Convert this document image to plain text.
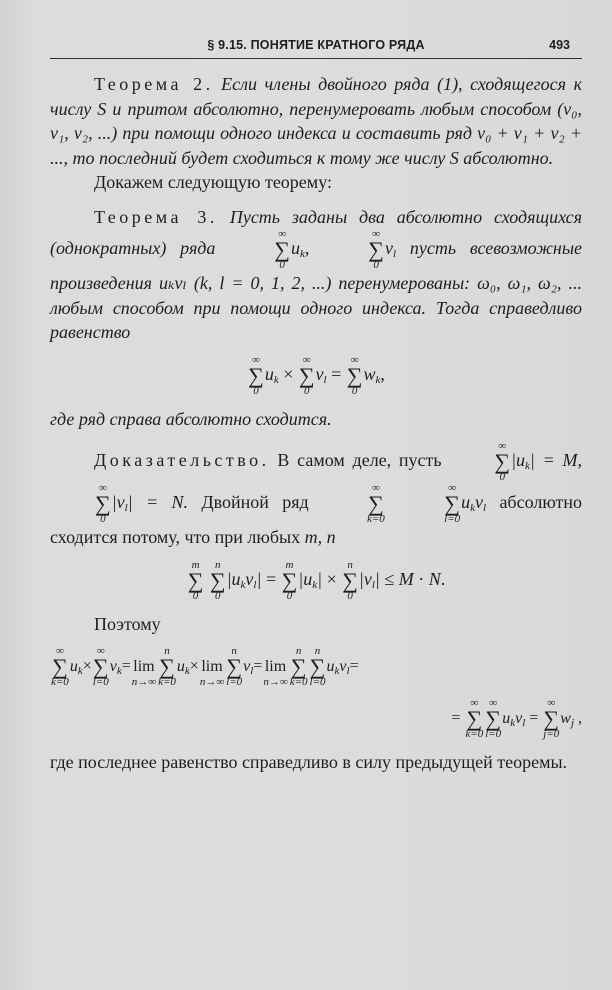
§ 9.15. ПОНЯТИЕ КРАТНОГО РЯДА	493

Теорема 2. Если члены двойного ряда (1), сходящегося к числу S и притом абсолютно, перенумеровать любым способом (v₀, v₁, v₂, ...) при помощи одного индекса и составить ряд v₀ + v₁ + v₂ + ..., то последний будет сходиться к тому же числу S абсолютно.

Докажем следующую теорему:

Теорема 3. Пусть заданы два абсолютно сходящихся (однократных) ряда
∞
∑
0
$u_k$,
∞
∑
0
$v_l$ пусть всевозможные произведения uₖvₗ (k, l = 0, 1, 2, ...) перенумерованы: ω₀, ω₁, ω₂, ... любым способом при помощи одного индекса. Тогда справедливо равенство

∞
∑
0
$u_k$ ×
∞
∑
0
$v_l$ =
∞
∑
0
$w_k$,

где ряд справа абсолютно сходится.

Доказательство. В самом деле, пусть
∞
∑
0
$|u_k| = M$,
∞
∑
0
$|v_l| = N$. Двойной ряд
∞
∑
k=0

∞
∑
l=0
$u_kv_l$ абсолютно сходится потому, что при любых m, n

m
∑
0

n
∑
0
$|u_kv_l|$ =
m
∑
0
$|u_k|$ ×
n
∑
0
$|v_l| \le M \cdot N$.

Поэтому

∞
∑
k=0
$u_k\times$
∞
∑
l=0
$v_k=$
lim
n→∞
n
∑
k=0
$u_k\times$
lim
n→∞
n
∑
l=0
$v_l=$
lim
n→∞
n
∑
k=0
n
∑
l=0
$u_kv_l=$
=
∞
∑
k=0
∞
∑
l=0
$u_kv_l$ =
∞
∑
j=0
$w_j$ ,

где последнее равенство справедливо в силу предыдущей теоремы.
